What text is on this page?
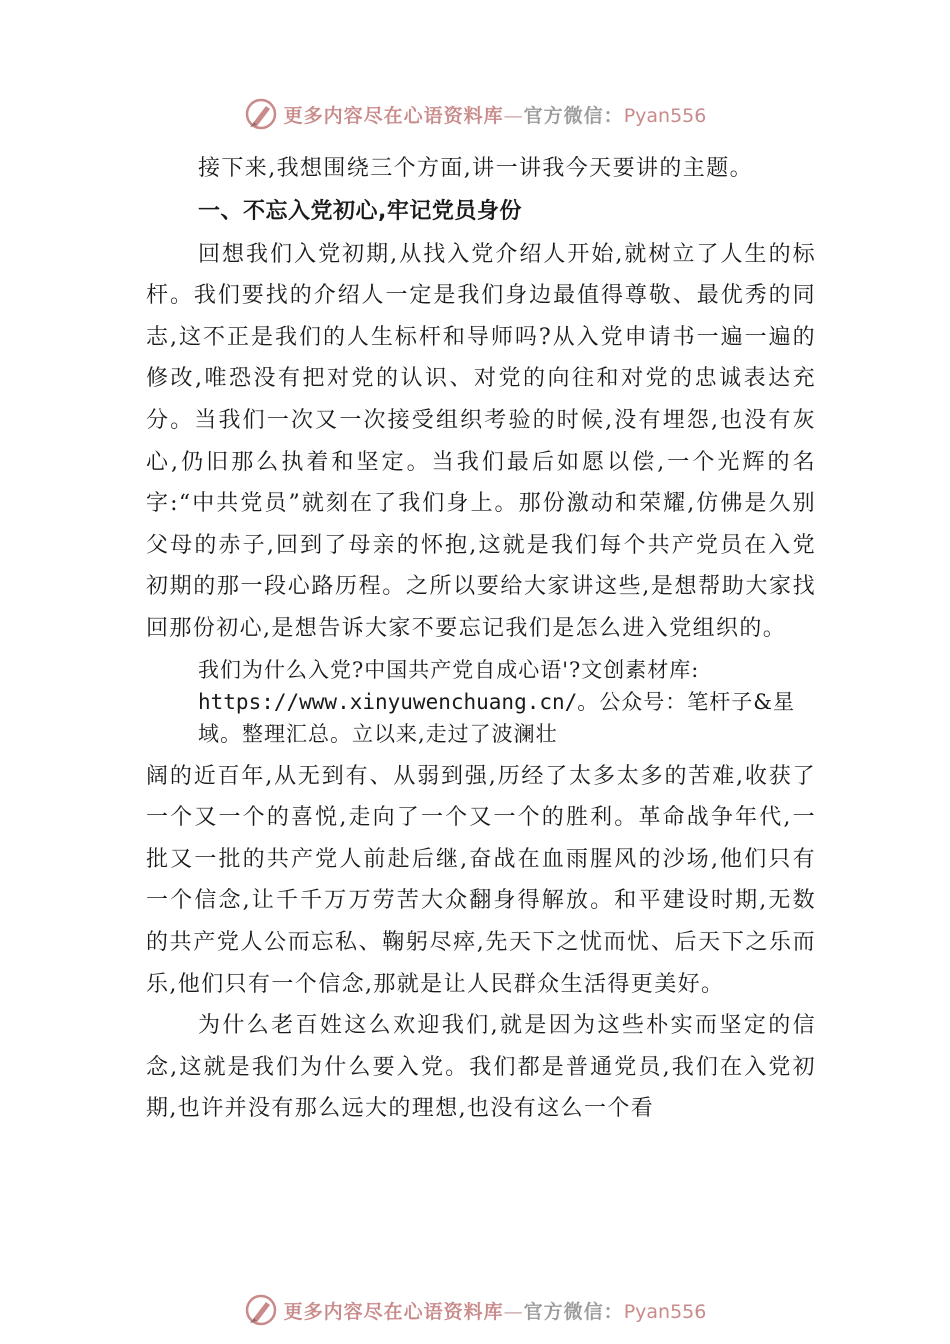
更多内容尽在心语资料库—官方微信：Pyan556

接下来,我想围绕三个方面,讲一讲我今天要讲的主题。

一、不忘入党初心,牢记党员身份

回想我们入党初期,从找入党介绍人开始,就树立了人生的标杆。我们要找的介绍人一定是我们身边最值得尊敬、最优秀的同志,这不正是我们的人生标杆和导师吗?从入党申请书一遍一遍的修改,唯恐没有把对党的认识、对党的向往和对党的忠诚表达充分。当我们一次又一次接受组织考验的时候,没有埋怨,也没有灰心,仍旧那么执着和坚定。当我们最后如愿以偿,一个光辉的名字:“中共党员”就刻在了我们身上。那份激动和荣耀,仿佛是久别父母的赤子,回到了母亲的怀抱,这就是我们每个共产党员在入党初期的那一段心路历程。之所以要给大家讲这些,是想帮助大家找回那份初心,是想告诉大家不要忘记我们是怎么进入党组织的。

我们为什么入党?中国共产党自成心语'?文创素材库:
https://www.xinyuwenchuang.cn/。公众号：笔杆子&星
域。整理汇总。立以来,走过了波澜壮

阔的近百年,从无到有、从弱到强,历经了太多太多的苦难,收获了一个又一个的喜悦,走向了一个又一个的胜利。革命战争年代,一批又一批的共产党人前赴后继,奋战在血雨腥风的沙场,他们只有一个信念,让千千万万劳苦大众翻身得解放。和平建设时期,无数的共产党人公而忘私、鞠躬尽瘁,先天下之忧而忧、后天下之乐而乐,他们只有一个信念,那就是让人民群众生活得更美好。

为什么老百姓这么欢迎我们,就是因为这些朴实而坚定的信念,这就是我们为什么要入党。我们都是普通党员,我们在入党初期,也许并没有那么远大的理想,也没有这么一个看

更多内容尽在心语资料库—官方微信：Pyan556
